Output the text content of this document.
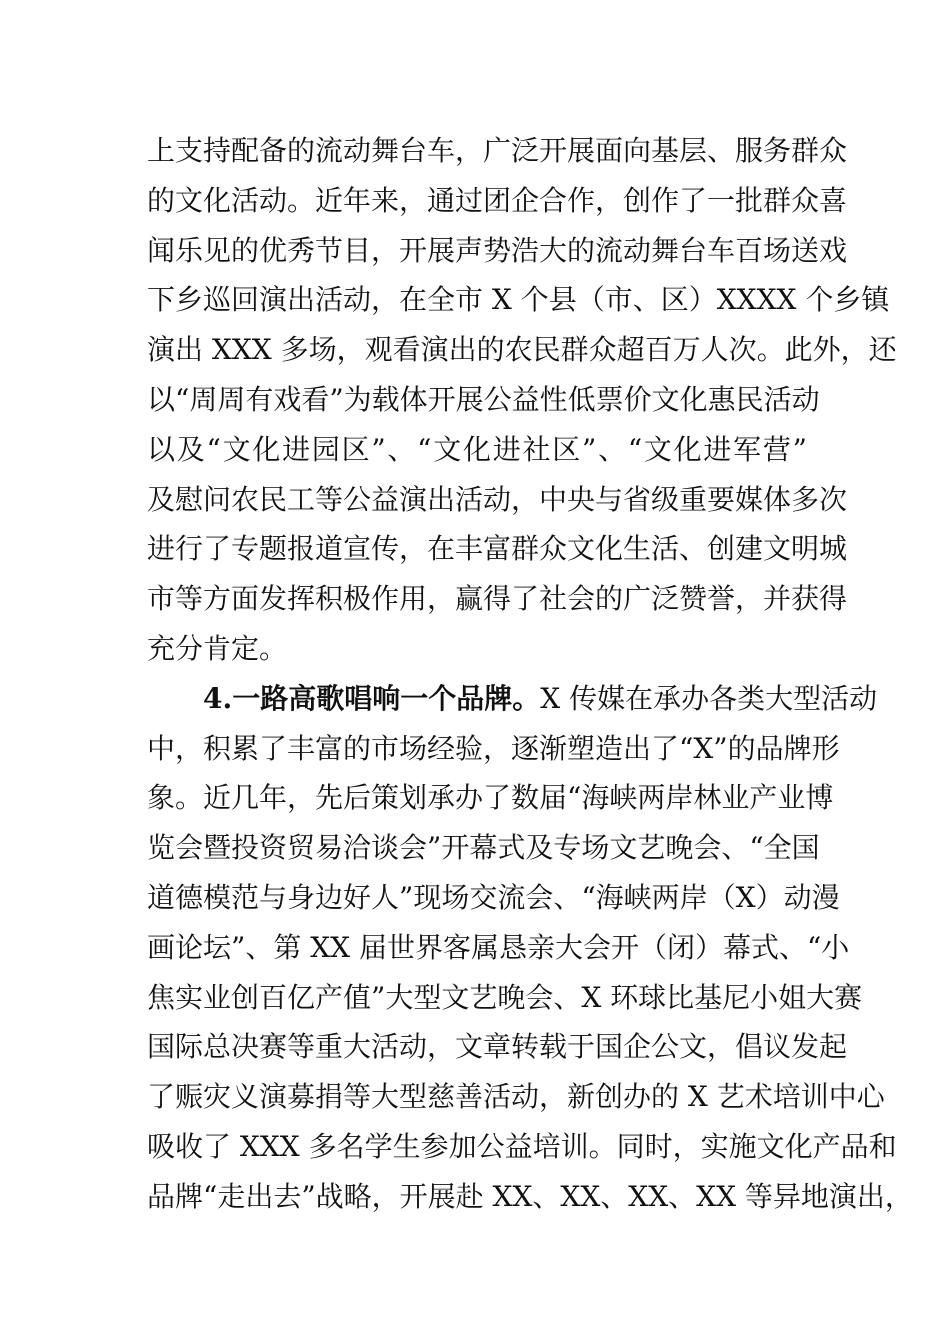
上支持配备的流动舞台车，广泛开展面向基层、服务群众
的文化活动。近年来，通过团企合作，创作了一批群众喜
闻乐见的优秀节目，开展声势浩大的流动舞台车百场送戏
下乡巡回演出活动，在全市 X 个县（市、区）XXXX 个乡镇
演出 XXX 多场，观看演出的农民群众超百万人次。此外，还
以“周周有戏看”为载体开展公益性低票价文化惠民活动
以及“文化进园区”、“文化进社区”、“文化进军营”
及慰问农民工等公益演出活动，中央与省级重要媒体多次
进行了专题报道宣传，在丰富群众文化生活、创建文明城
市等方面发挥积极作用，赢得了社会的广泛赞誉，并获得
充分肯定。
4.一路高歌唱响一个品牌。X 传媒在承办各类大型活动
中，积累了丰富的市场经验，逐渐塑造出了“X”的品牌形
象。近几年，先后策划承办了数届“海峡两岸林业产业博
览会暨投资贸易洽谈会”开幕式及专场文艺晚会、“全国
道德模范与身边好人”现场交流会、“海峡两岸（X）动漫
画论坛”、第 XX 届世界客属恳亲大会开（闭）幕式、“小
焦实业创百亿产值”大型文艺晚会、X 环球比基尼小姐大赛
国际总决赛等重大活动，文章转载于国企公文，倡议发起
了赈灾义演募捐等大型慈善活动，新创办的 X 艺术培训中心
吸收了 XXX 多名学生参加公益培训。同时，实施文化产品和
品牌“走出去”战略，开展赴 XX、XX、XX、XX 等异地演出，
